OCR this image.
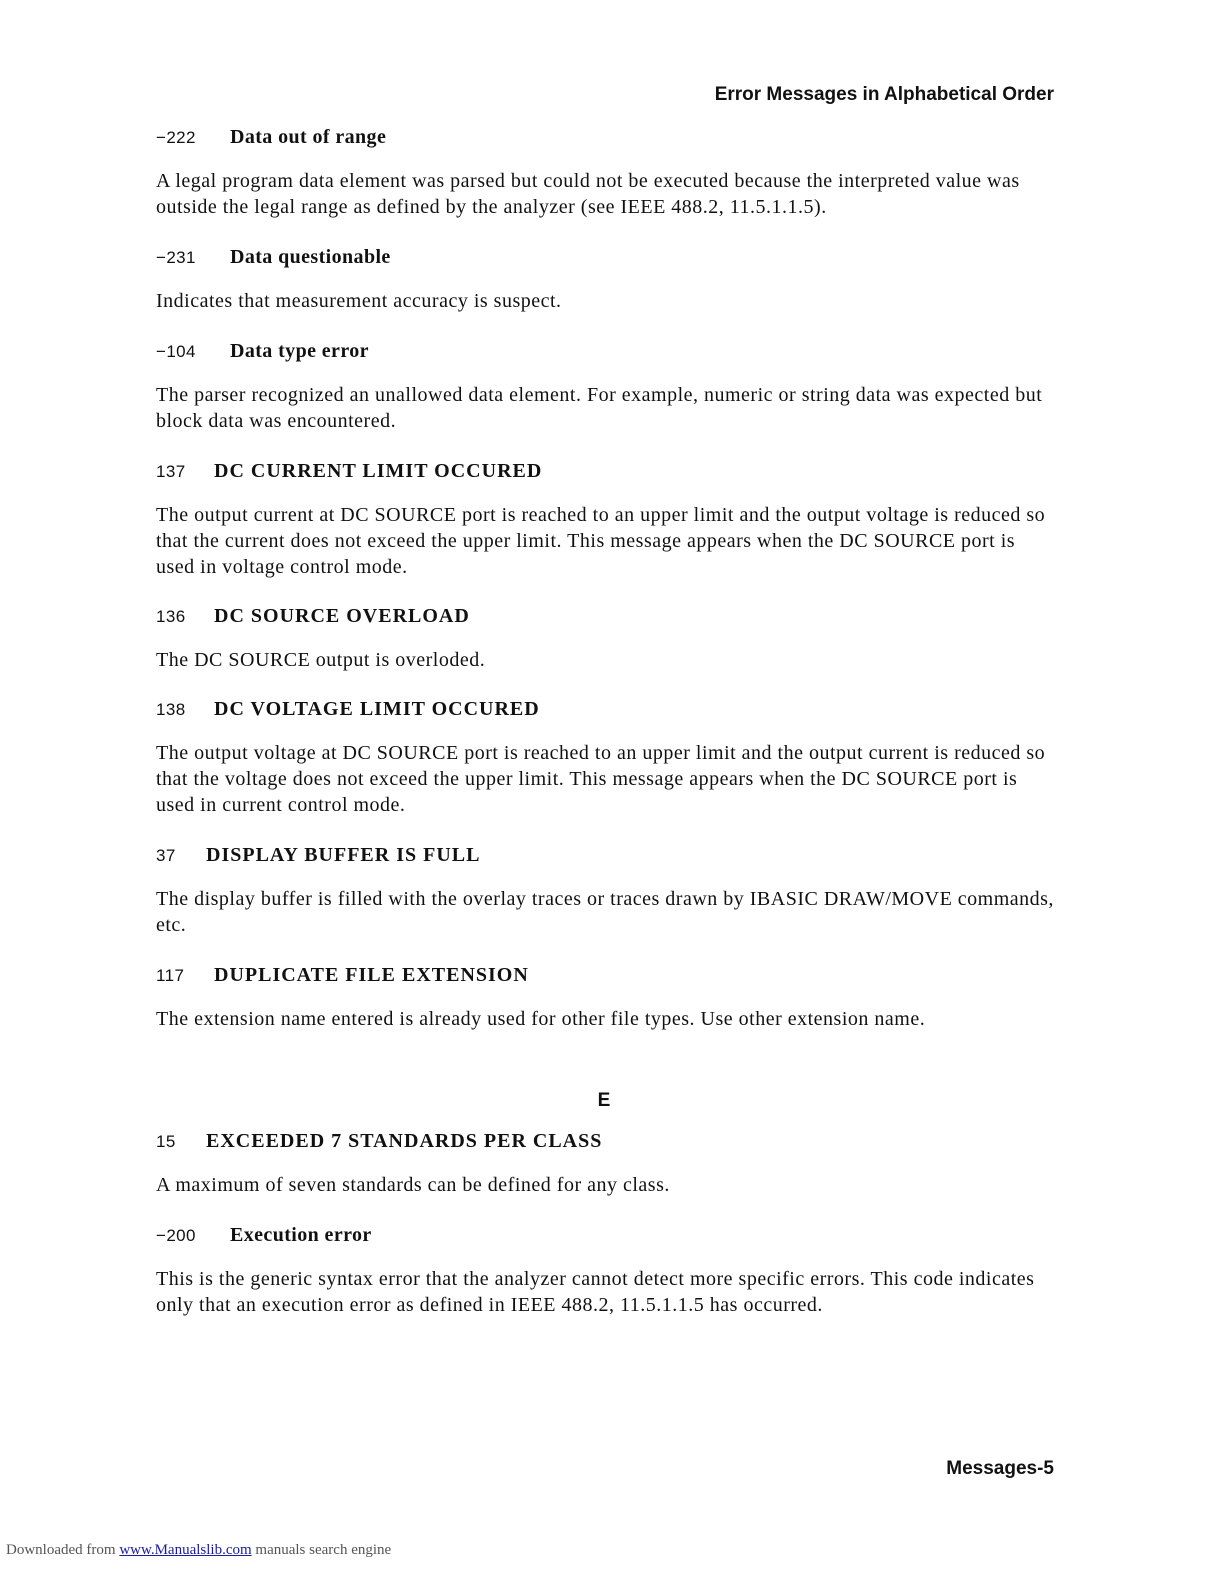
Error Messages in Alphabetical Order
−222	Data out of range
A legal program data element was parsed but could not be executed because the interpreted value was outside the legal range as defined by the analyzer (see IEEE 488.2, 11.5.1.1.5).
−231	Data questionable
Indicates that measurement accuracy is suspect.
−104	Data type error
The parser recognized an unallowed data element. For example, numeric or string data was expected but block data was encountered.
137	DC CURRENT LIMIT OCCURED
The output current at DC SOURCE port is reached to an upper limit and the output voltage is reduced so that the current does not exceed the upper limit. This message appears when the DC SOURCE port is used in voltage control mode.
136	DC SOURCE OVERLOAD
The DC SOURCE output is overloded.
138	DC VOLTAGE LIMIT OCCURED
The output voltage at DC SOURCE port is reached to an upper limit and the output current is reduced so that the voltage does not exceed the upper limit. This message appears when the DC SOURCE port is used in current control mode.
37	DISPLAY BUFFER IS FULL
The display buffer is filled with the overlay traces or traces drawn by IBASIC DRAW/MOVE commands, etc.
117	DUPLICATE FILE EXTENSION
The extension name entered is already used for other file types. Use other extension name.
E
15	EXCEEDED 7 STANDARDS PER CLASS
A maximum of seven standards can be defined for any class.
−200	Execution error
This is the generic syntax error that the analyzer cannot detect more specific errors. This code indicates only that an execution error as defined in IEEE 488.2, 11.5.1.1.5 has occurred.
Messages-5
Downloaded from www.Manualslib.com manuals search engine
